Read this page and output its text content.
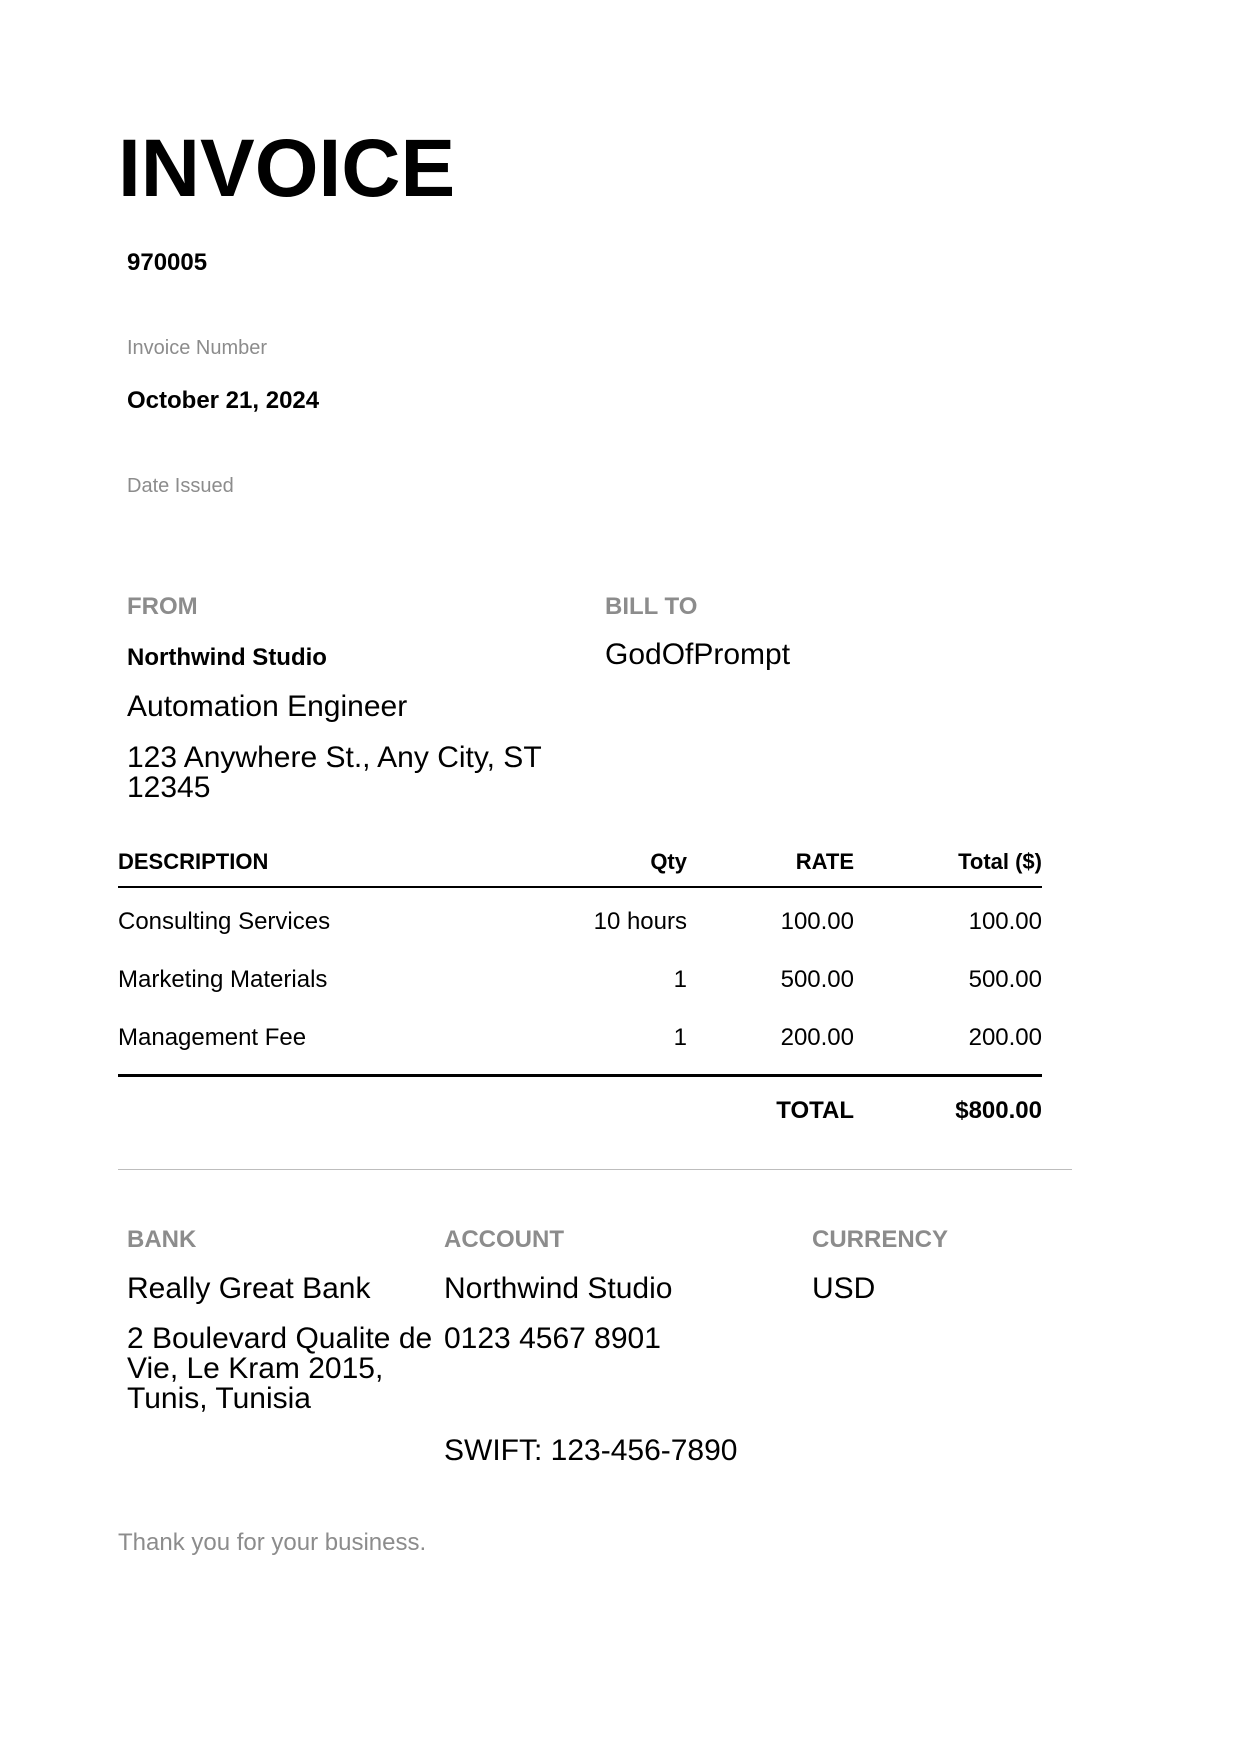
INVOICE
970005
Invoice Number
October 21, 2024
Date Issued
FROM
Northwind Studio
Automation Engineer
123 Anywhere St., Any City, ST 12345
BILL TO
GodOfPrompt
DESCRIPTION	Qty	RATE	Total ($)
Consulting Services	10 hours	100.00	100.00
Marketing Materials	1	500.00	500.00
Management Fee	1	200.00	200.00
TOTAL	$800.00
BANK
Really Great Bank
2 Boulevard Qualite de Vie, Le Kram 2015, Tunis, Tunisia
ACCOUNT
Northwind Studio
0123 4567 8901
SWIFT: 123-456-7890
CURRENCY
USD
Thank you for your business.
